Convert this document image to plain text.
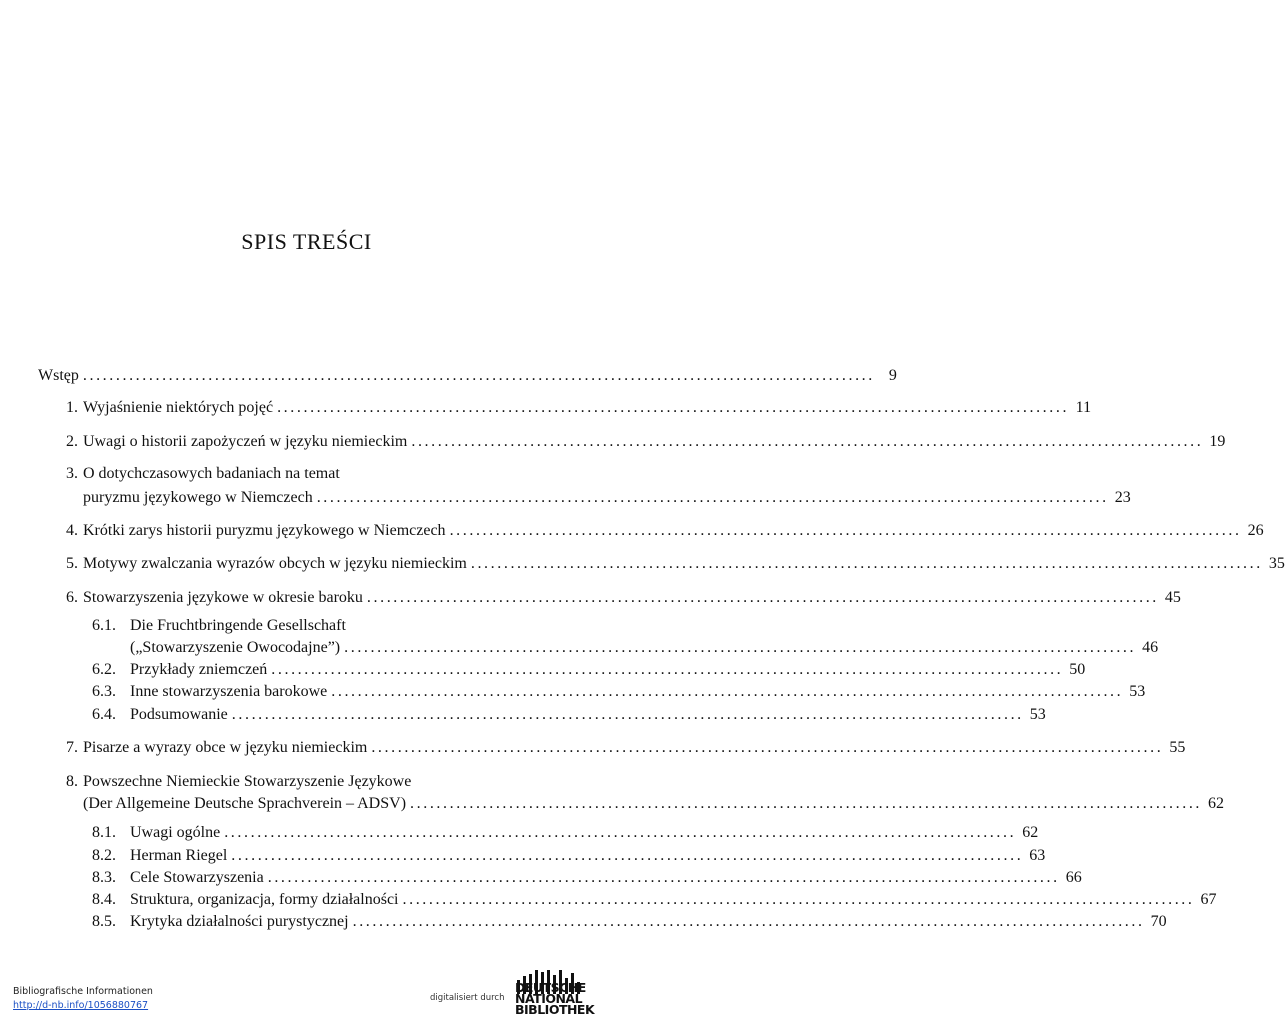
SPIS TREŚCI
Wstęp .....	9
1. Wyjaśnienie niektórych pojęć .....	11
2. Uwagi o historii zapożyczeń w języku niemieckim .....	19
3. O dotychczasowych badaniach na temat
puryzmu językowego w Niemczech .....	23
4. Krótki zarys historii puryzmu językowego w Niemczech .....	26
5. Motywy zwalczania wyrazów obcych w języku niemieckim .....	35
6. Stowarzyszenia językowe w okresie baroku .....	45
6.1. Die Fruchtbringende Gesellschaft
(„Stowarzyszenie Owocodajne”) .....	46
6.2. Przykłady zniemczeń .....	50
6.3. Inne stowarzyszenia barokowe .....	53
6.4. Podsumowanie .....	53
7. Pisarze a wyrazy obce w języku niemieckim .....	55
8. Powszechne Niemieckie Stowarzyszenie Językowe
(Der Allgemeine Deutsche Sprachverein – ADSV) .....	62
8.1. Uwagi ogólne .....	62
8.2. Herman Riegel .....	63
8.3. Cele Stowarzyszenia .....	66
8.4. Struktura, organizacja, formy działalności .....	67
8.5. Krytyka działalności purystycznej .....	70
Bibliografische Informationen
http://d-nb.info/1056880767
digitalisiert durch
DEUTSCHE
NATIONAL
BIBLIOTHEK
